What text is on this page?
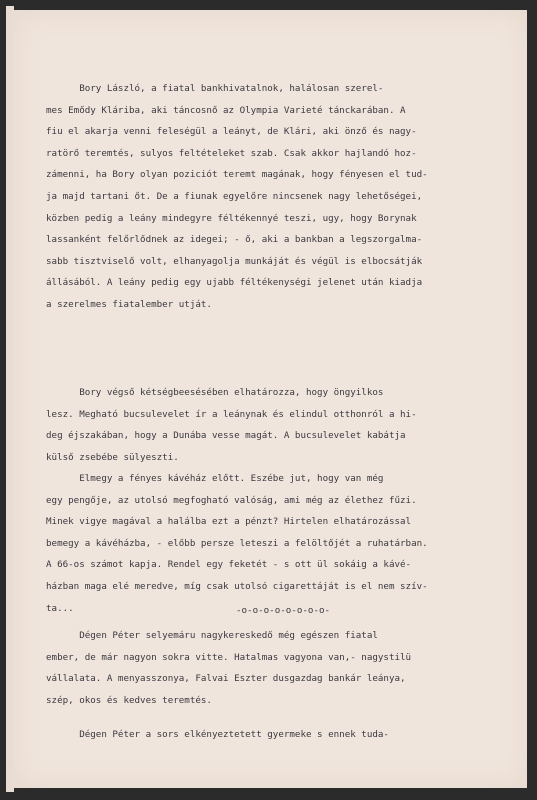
Bory László, a fiatal bankhivatalnok, halálosan szerel-
mes Emődy Kláriba, aki táncosnő az Olympia Varieté tánckarában. A
fiu el akarja venni feleségül a leányt, de Klári, aki önző és nagy-
ratörő teremtés, sulyos feltételeket szab. Csak akkor hajlandó hoz-
zámenni, ha Bory olyan poziciót teremt magának, hogy fényesen el tud-
ja majd tartani őt. De a fiunak egyelőre nincsenek nagy lehetőségei,
közben pedig a leány mindegyre féltékennyé teszi, ugy, hogy Borynak
lassanként felőrlődnek az idegei; - ő, aki a bankban a legszorgalma-
sabb tisztviselő volt, elhanyagolja munkáját és végül is elbocsátják
állásából. A leány pedig egy ujabb féltékenységi jelenet után kiadja
a szerelmes fiatalember utját.
Bory végső kétségbeesésében elhatározza, hogy öngyilkos
lesz. Megható bucsulevelet ír a leánynak és elindul otthonról a hi-
deg éjszakában, hogy a Dunába vesse magát. A bucsulevelet kabátja
külső zsebébe sülyeszti.
Elmegy a fényes kávéház előtt. Eszébe jut, hogy van még
egy pengője, az utolsó megfogható valóság, ami még az élethez fűzi.
Minek vigye magával a halálba ezt a pénzt? Hirtelen elhatározással
bemegy a kávéházba, - előbb persze leteszi a felöltőjét a ruhatárban.
A 66-os számot kapja. Rendel egy feketét - s ott ül sokáig a kávé-
házban maga elé meredve, míg csak utolsó cigarettáját is el nem szív-
ta...	-o-o-o-o-o-o-o-o-
Dégen Péter selyemáru nagykereskedő még egészen fiatal
ember, de már nagyon sokra vitte. Hatalmas vagyona van,- nagystilü
vállalata. A menyasszonya, Falvai Eszter dusgazdag bankár leánya,
szép, okos és kedves teremtés.
Dégen Péter a sors elkényeztetett gyermeke s ennek tuda-
